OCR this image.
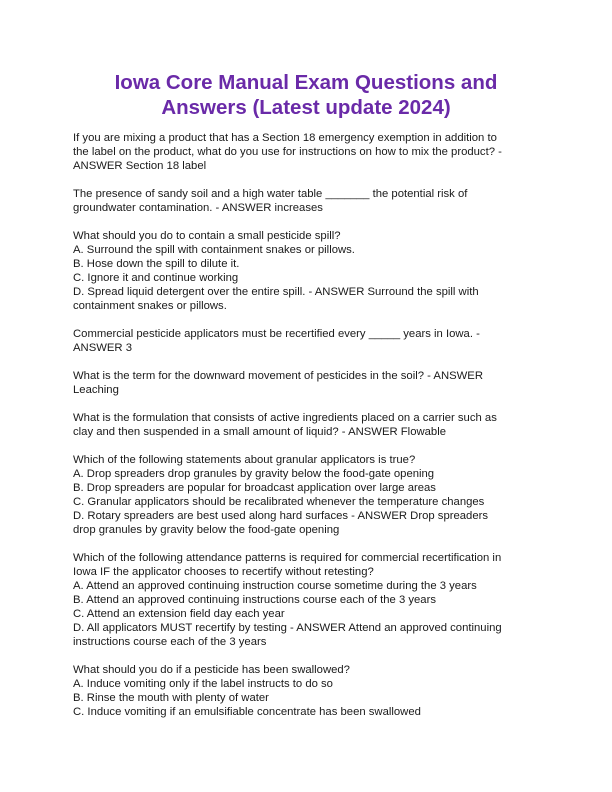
Iowa Core Manual Exam Questions and
Answers (Latest update 2024)
If you are mixing a product that has a Section 18 emergency exemption in addition to
the label on the product, what do you use for instructions on how to mix the product? -
ANSWER Section 18 label
The presence of sandy soil and a high water table _______ the potential risk of
groundwater contamination. - ANSWER increases
What should you do to contain a small pesticide spill?
A. Surround the spill with containment snakes or pillows.
B. Hose down the spill to dilute it.
C. Ignore it and continue working
D. Spread liquid detergent over the entire spill. - ANSWER Surround the spill with
containment snakes or pillows.
Commercial pesticide applicators must be recertified every _____ years in Iowa. -
ANSWER 3
What is the term for the downward movement of pesticides in the soil? - ANSWER
Leaching
What is the formulation that consists of active ingredients placed on a carrier such as
clay and then suspended in a small amount of liquid? - ANSWER Flowable
Which of the following statements about granular applicators is true?
A. Drop spreaders drop granules by gravity below the food-gate opening
B. Drop spreaders are popular for broadcast application over large areas
C. Granular applicators should be recalibrated whenever the temperature changes
D. Rotary spreaders are best used along hard surfaces - ANSWER Drop spreaders
drop granules by gravity below the food-gate opening
Which of the following attendance patterns is required for commercial recertification in
Iowa IF the applicator chooses to recertify without retesting?
A. Attend an approved continuing instruction course sometime during the 3 years
B. Attend an approved continuing instructions course each of the 3 years
C. Attend an extension field day each year
D. All applicators MUST recertify by testing - ANSWER Attend an approved continuing
instructions course each of the 3 years
What should you do if a pesticide has been swallowed?
A. Induce vomiting only if the label instructs to do so
B. Rinse the mouth with plenty of water
C. Induce vomiting if an emulsifiable concentrate has been swallowed
